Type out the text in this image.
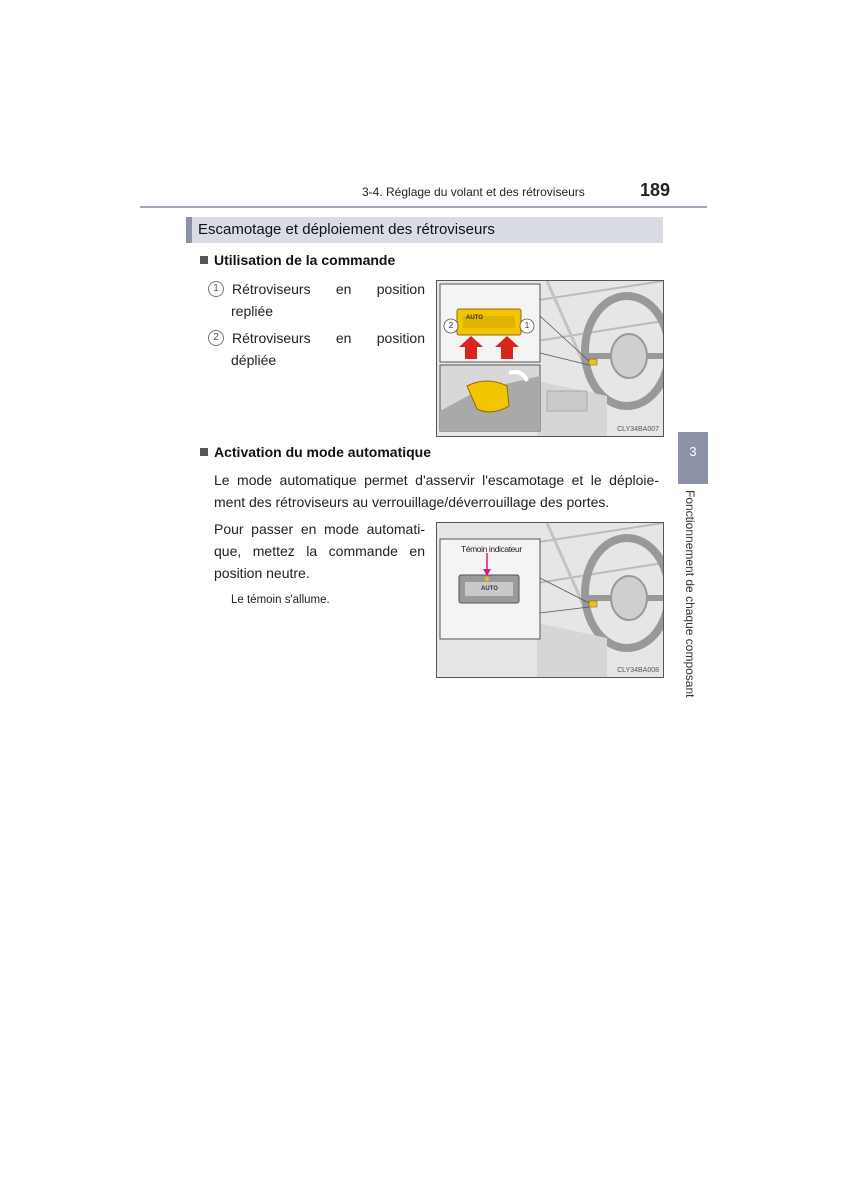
3-4. Réglage du volant et des rétroviseurs	189
Escamotage et déploiement des rétroviseurs
Utilisation de la commande
1 Rétroviseurs en position
repliée
2 Rétroviseurs en position
dépliée
AUTO
2	1
CLY34BA007
Activation du mode automatique
Le mode automatique permet d'asservir l'escamotage et le déploie-
ment des rétroviseurs au verrouillage/déverrouillage des portes.
Pour passer en mode automati-
que, mettez la commande en
position neutre.
Le témoin s'allume.
Témoin indicateur
AUTO
CLY34BA008
3
Fonctionnement de chaque composant
